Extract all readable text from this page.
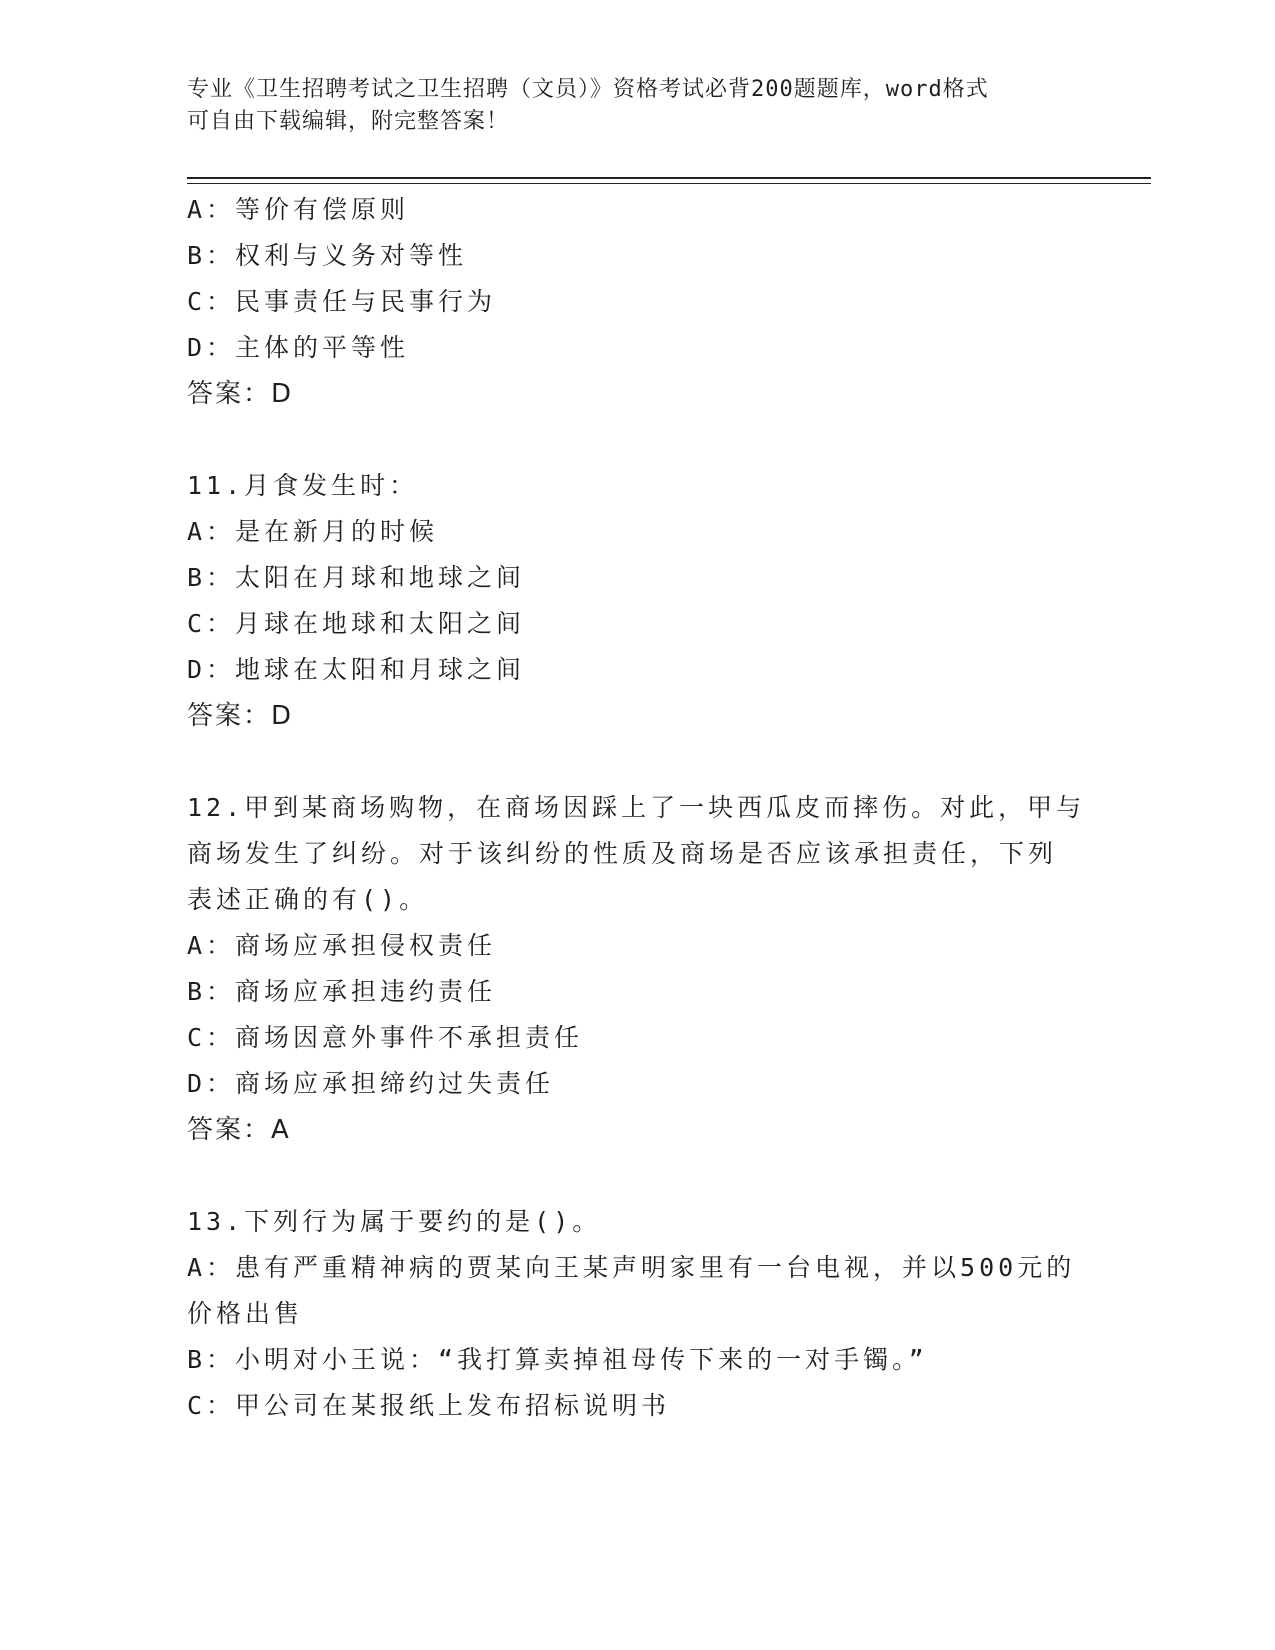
专业《卫生招聘考试之卫生招聘（文员）》资格考试必背200题题库，word格式
可自由下载编辑，附完整答案！
A：等价有偿原则
B：权利与义务对等性
C：民事责任与民事行为
D：主体的平等性
答案：D
11.月食发生时：
A：是在新月的时候
B：太阳在月球和地球之间
C：月球在地球和太阳之间
D：地球在太阳和月球之间
答案：D
12.甲到某商场购物，在商场因踩上了一块西瓜皮而摔伤。对此，甲与
商场发生了纠纷。对于该纠纷的性质及商场是否应该承担责任，下列
表述正确的有()。
A：商场应承担侵权责任
B：商场应承担违约责任
C：商场因意外事件不承担责任
D：商场应承担缔约过失责任
答案：A
13.下列行为属于要约的是()。
A：患有严重精神病的贾某向王某声明家里有一台电视，并以500元的
价格出售
B：小明对小王说：“我打算卖掉祖母传下来的一对手镯。”
C：甲公司在某报纸上发布招标说明书
